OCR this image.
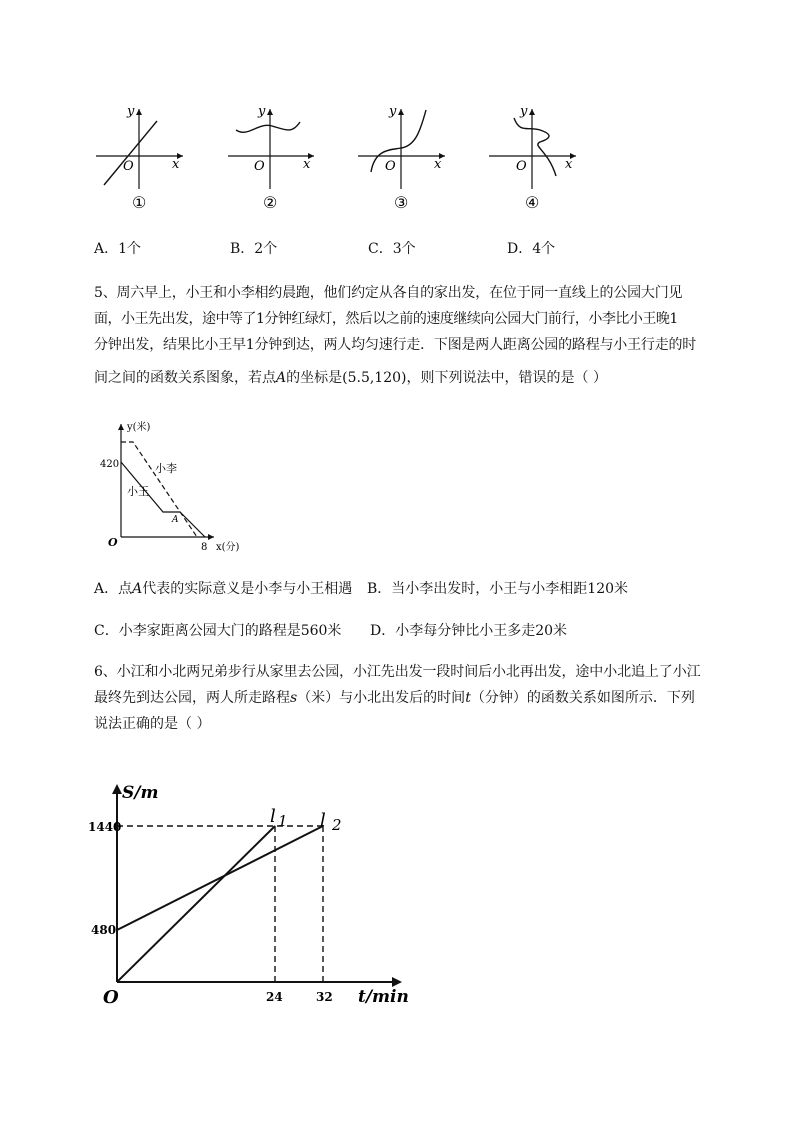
y
x
O
①
y
x
O
②
y
x
O
③
y
x
O
④
A．1个	B．2个	C．3个	D．4个
5、周六早上，小王和小李相约晨跑，他们约定从各自的家出发，在位于同一直线上的公园大门见
面，小王先出发，途中等了1分钟红绿灯，然后以之前的速度继续向公园大门前行，小李比小王晚1
分钟出发，结果比小王早1分钟到达，两人均匀速行走．下图是两人距离公园的路程与小王行走的时
间之间的函数关系图象，若点A的坐标是(5.5,120)，则下列说法中，错误的是（ ）
y(米)
x(分)
420
8
O
小李
小王
A
A．点A代表的实际意义是小李与小王相遇 B．当小李出发时，小王与小李相距120米
C．小李家距离公园大门的路程是560米 D．小李每分钟比小王多走20米
6、小江和小北两兄弟步行从家里去公园，小江先出发一段时间后小北再出发，途中小北追上了小江
最终先到达公园，两人所走路程s（米）与小北出发后的时间t（分钟）的函数关系如图所示．下列
说法正确的是（ ）
S/m
t/min
O
1440
480
24	32
l 1 l 2
